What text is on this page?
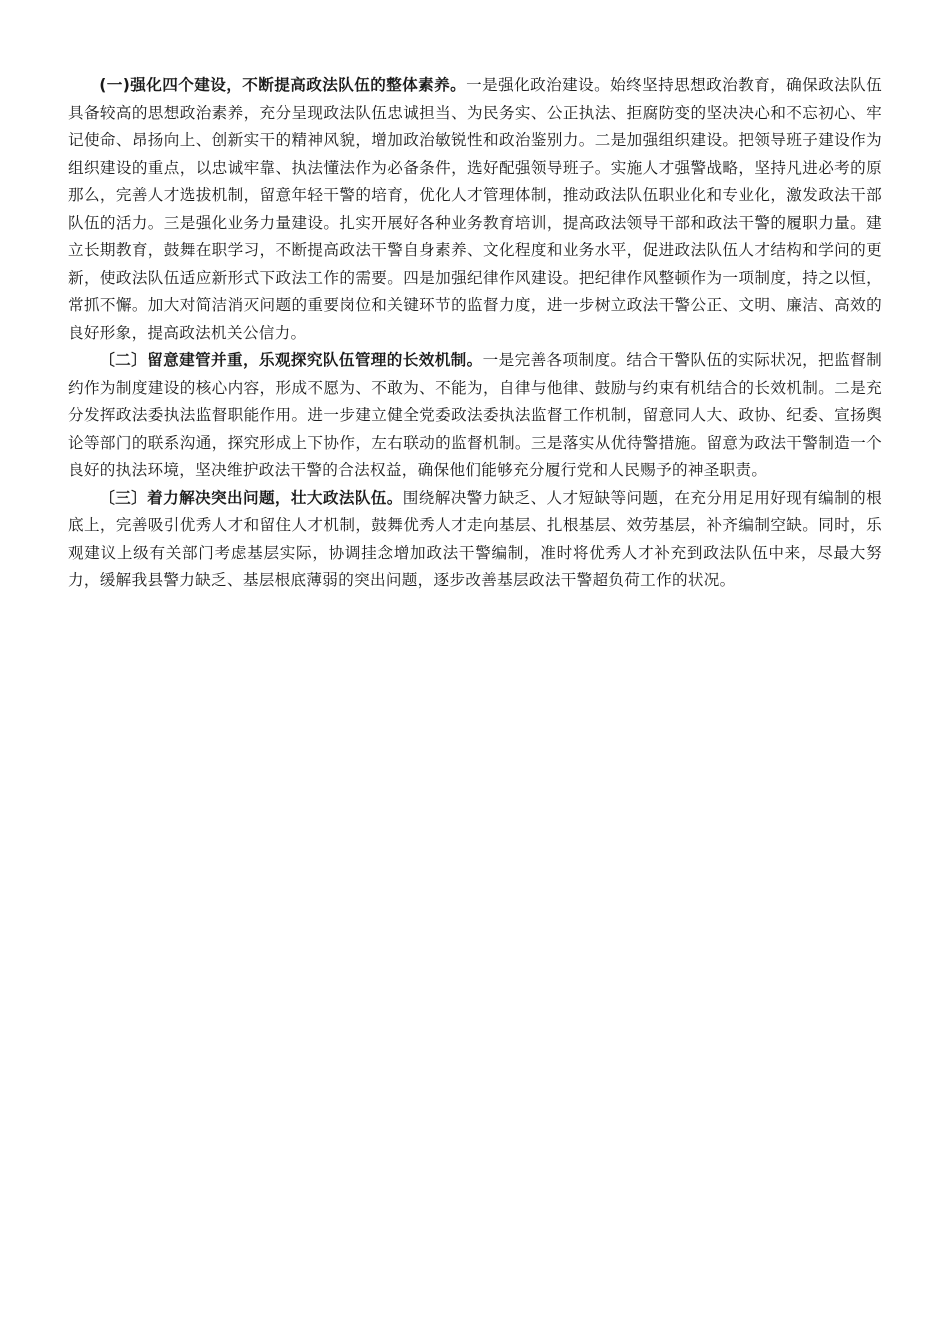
(一)强化四个建设，不断提高政法队伍的整体素养。一是强化政治建设。始终坚持思想政治教育，确保政法队伍具备较高的思想政治素养，充分呈现政法队伍忠诚担当、为民务实、公正执法、拒腐防变的坚决决心和不忘初心、牢记使命、昂扬向上、创新实干的精神风貌，增加政治敏锐性和政治鉴别力。二是加强组织建设。把领导班子建设作为组织建设的重点，以忠诚牢靠、执法懂法作为必备条件，选好配强领导班子。实施人才强警战略，坚持凡进必考的原那么，完善人才选拔机制，留意年轻干警的培育，优化人才管理体制，推动政法队伍职业化和专业化，激发政法干部队伍的活力。三是强化业务力量建设。扎实开展好各种业务教育培训，提高政法领导干部和政法干警的履职力量。建立长期教育，鼓舞在职学习，不断提高政法干警自身素养、文化程度和业务水平，促进政法队伍人才结构和学问的更新，使政法队伍适应新形式下政法工作的需要。四是加强纪律作风建设。把纪律作风整顿作为一项制度，持之以恒，常抓不懈。加大对简洁消灭问题的重要岗位和关键环节的监督力度，进一步树立政法干警公正、文明、廉洁、高效的良好形象，提高政法机关公信力。

〔二〕留意建管并重，乐观探究队伍管理的长效机制。一是完善各项制度。结合干警队伍的实际状况，把监督制约作为制度建设的核心内容，形成不愿为、不敢为、不能为，自律与他律、鼓励与约束有机结合的长效机制。二是充分发挥政法委执法监督职能作用。进一步建立健全党委政法委执法监督工作机制，留意同人大、政协、纪委、宣扬舆论等部门的联系沟通，探究形成上下协作，左右联动的监督机制。三是落实从优待警措施。留意为政法干警制造一个良好的执法环境，坚决维护政法干警的合法权益，确保他们能够充分履行党和人民赐予的神圣职责。

〔三〕着力解决突出问题，壮大政法队伍。围绕解决警力缺乏、人才短缺等问题，在充分用足用好现有编制的根底上，完善吸引优秀人才和留住人才机制，鼓舞优秀人才走向基层、扎根基层、效劳基层，补齐编制空缺。同时，乐观建议上级有关部门考虑基层实际，协调挂念增加政法干警编制，准时将优秀人才补充到政法队伍中来，尽最大努力，缓解我县警力缺乏、基层根底薄弱的突出问题，逐步改善基层政法干警超负荷工作的状况。
